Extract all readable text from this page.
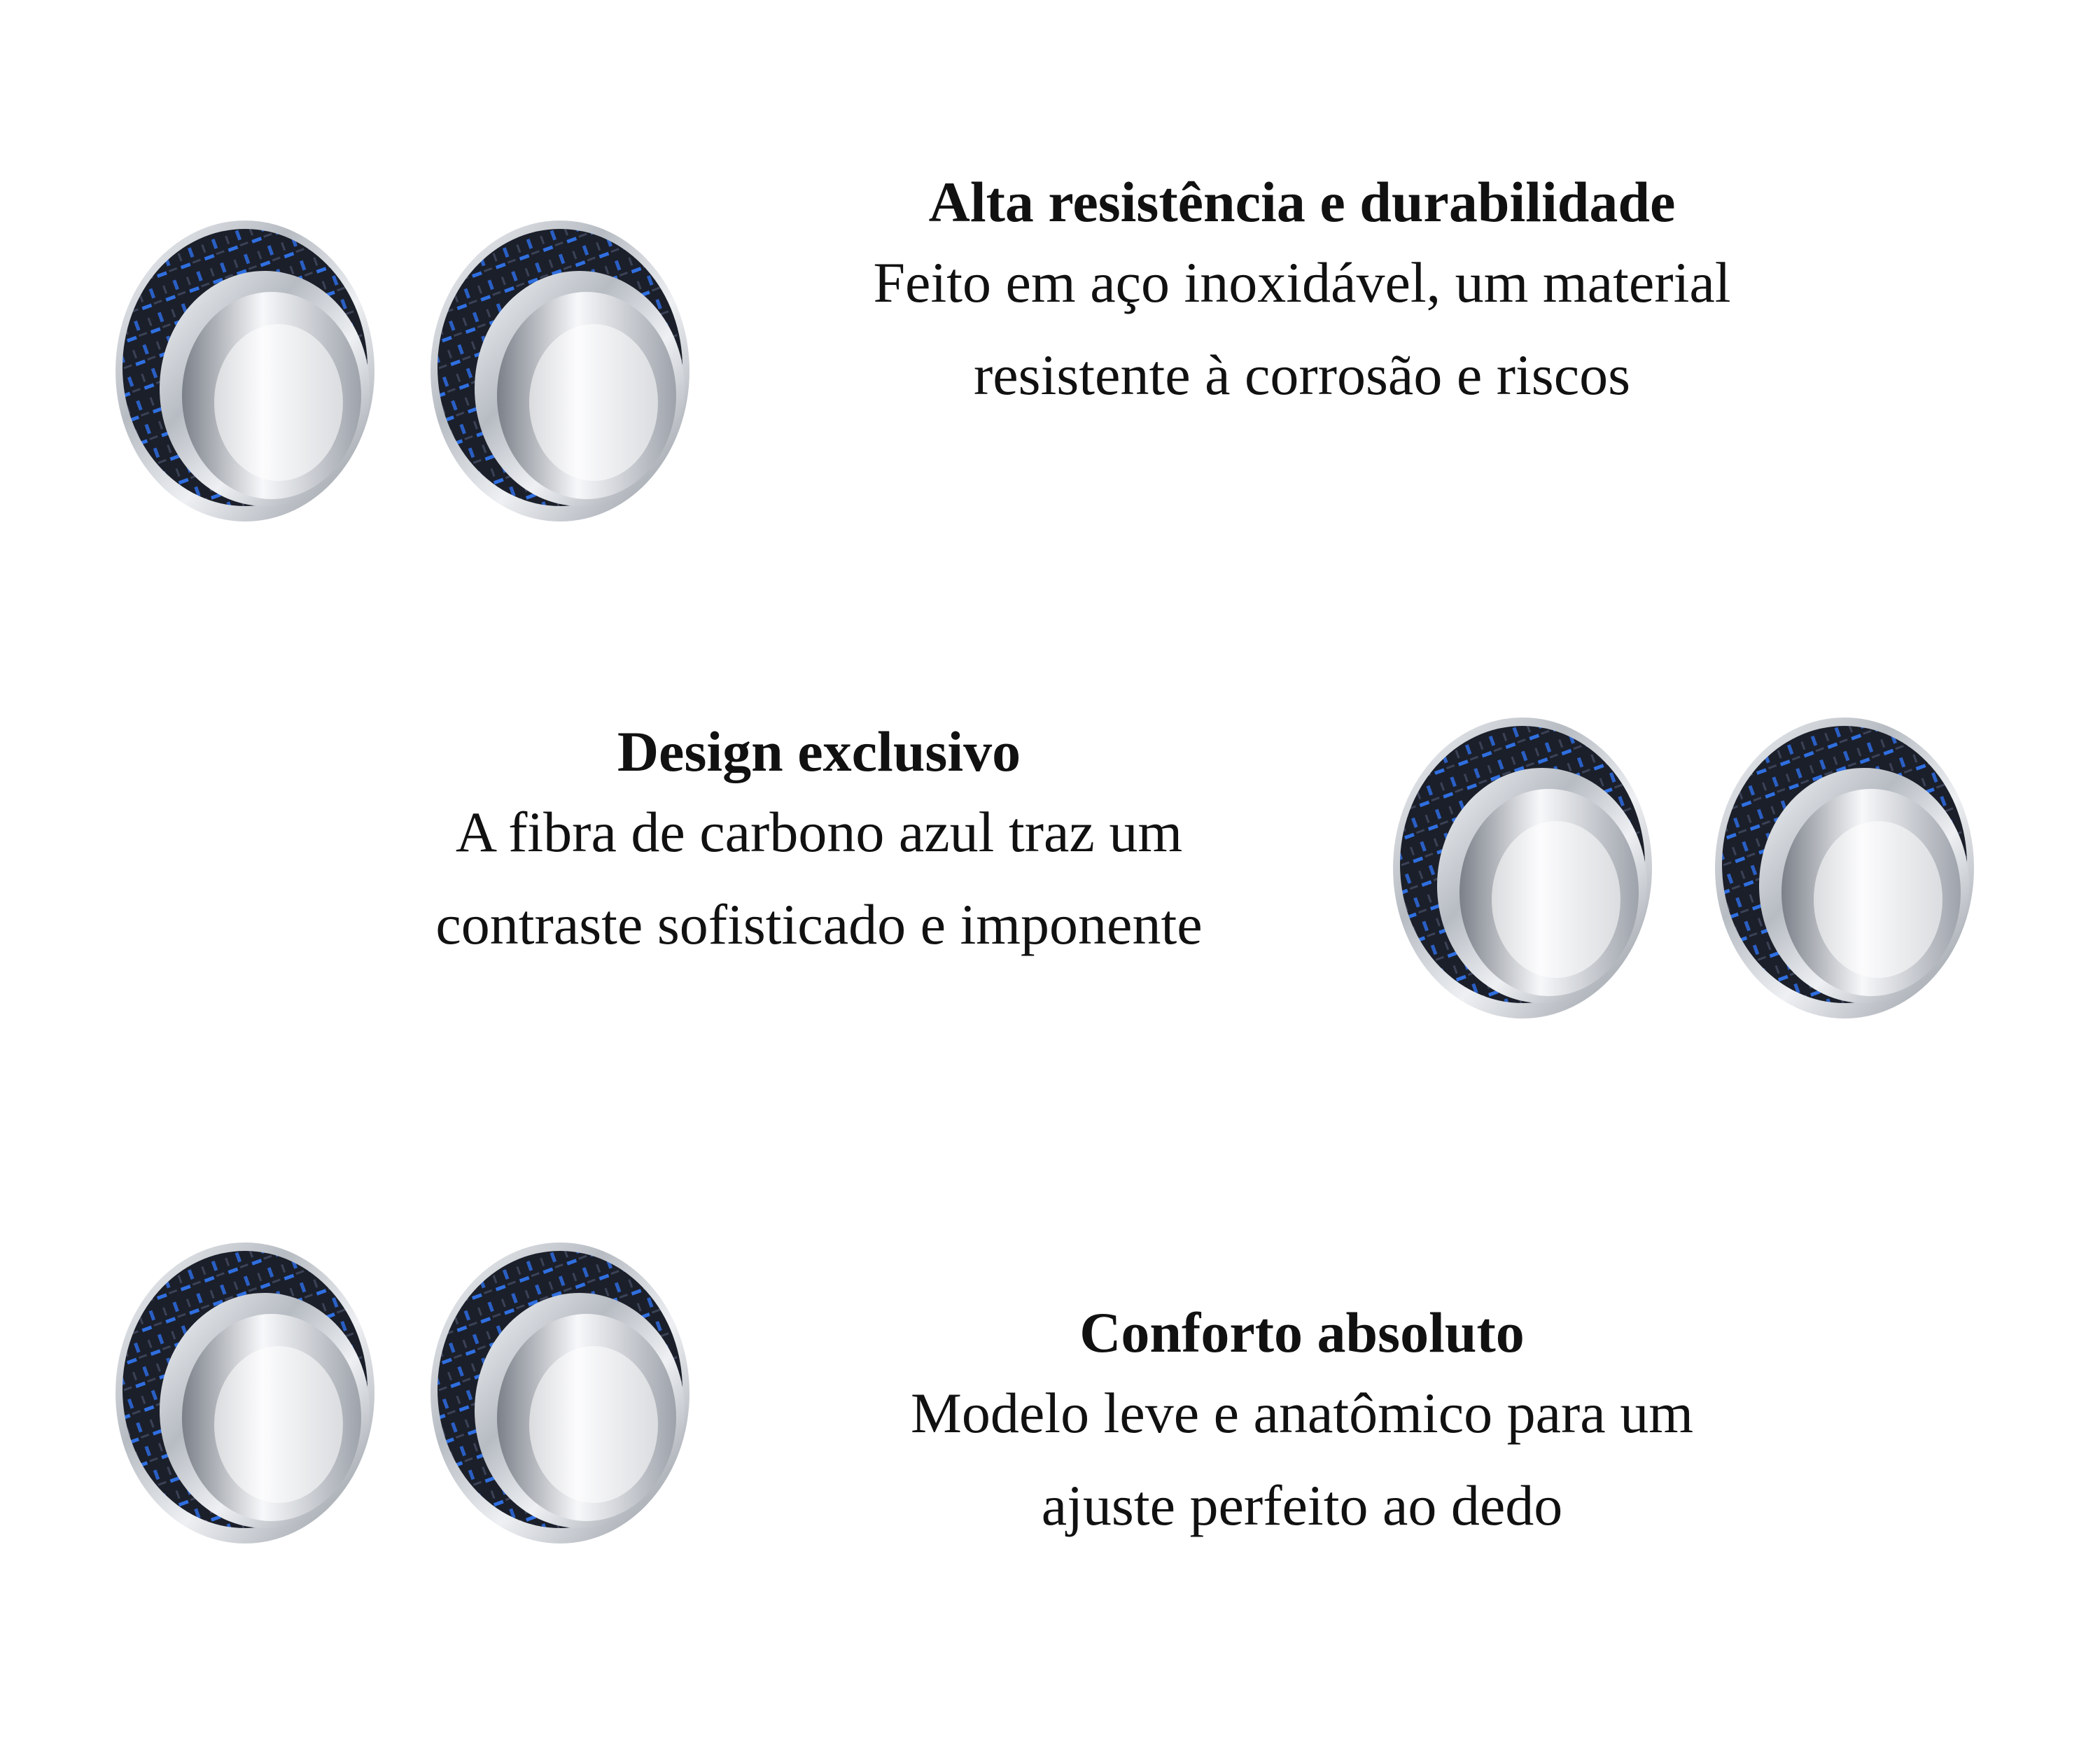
Alta resistência e durabilidade

Feito em aço inoxidável, um material

resistente à corrosão e riscos

Design exclusivo

A fibra de carbono azul traz um

contraste sofisticado e imponente

Conforto absoluto

Modelo leve e anatômico para um

ajuste perfeito ao dedo
